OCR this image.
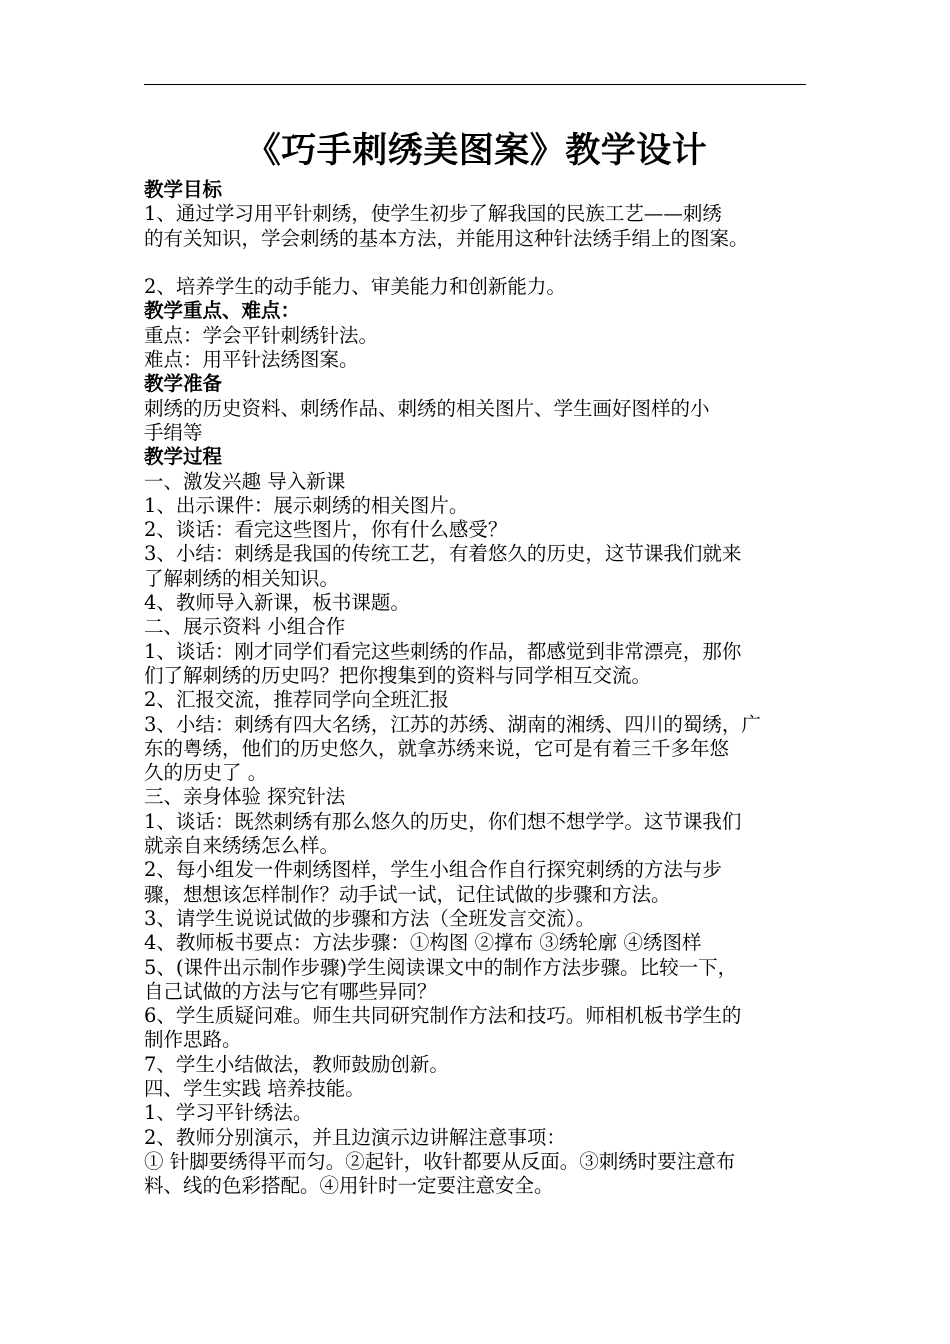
《巧手刺绣美图案》教学设计
教学目标
1、通过学习用平针刺绣，使学生初步了解我国的民族工艺——刺绣
的有关知识，学会刺绣的基本方法，并能用这种针法绣手绢上的图案。
2、培养学生的动手能力、审美能力和创新能力。
教学重点、难点：
重点：学会平针刺绣针法。
难点：用平针法绣图案。
教学准备
刺绣的历史资料、刺绣作品、刺绣的相关图片、学生画好图样的小
手绢等
教学过程
一、激发兴趣 导入新课
1、出示课件：展示刺绣的相关图片。
2、谈话：看完这些图片，你有什么感受？
3、小结：刺绣是我国的传统工艺，有着悠久的历史，这节课我们就来
了解刺绣的相关知识。
4、教师导入新课，板书课题。
二、展示资料 小组合作
1、谈话：刚才同学们看完这些刺绣的作品，都感觉到非常漂亮，那你
们了解刺绣的历史吗？把你搜集到的资料与同学相互交流。
2、汇报交流，推荐同学向全班汇报
3、小结：刺绣有四大名绣，江苏的苏绣、湖南的湘绣、四川的蜀绣，广
东的粤绣，他们的历史悠久，就拿苏绣来说，它可是有着三千多年悠
久的历史了 。
三、亲身体验 探究针法
1、谈话：既然刺绣有那么悠久的历史，你们想不想学学。这节课我们
就亲自来绣绣怎么样。
2、每小组发一件刺绣图样，学生小组合作自行探究刺绣的方法与步
骤，想想该怎样制作？动手试一试，记住试做的步骤和方法。
3、请学生说说试做的步骤和方法（全班发言交流）。
4、教师板书要点：方法步骤：①构图 ②撑布 ③绣轮廓 ④绣图样
5、(课件出示制作步骤)学生阅读课文中的制作方法步骤。比较一下，
自己试做的方法与它有哪些异同？
6、学生质疑问难。师生共同研究制作方法和技巧。师相机板书学生的
制作思路。
7、学生小结做法，教师鼓励创新。
四、学生实践 培养技能。
1、学习平针绣法。
2、教师分别演示，并且边演示边讲解注意事项：
① 针脚要绣得平而匀。②起针，收针都要从反面。③刺绣时要注意布
料、线的色彩搭配。④用针时一定要注意安全。
